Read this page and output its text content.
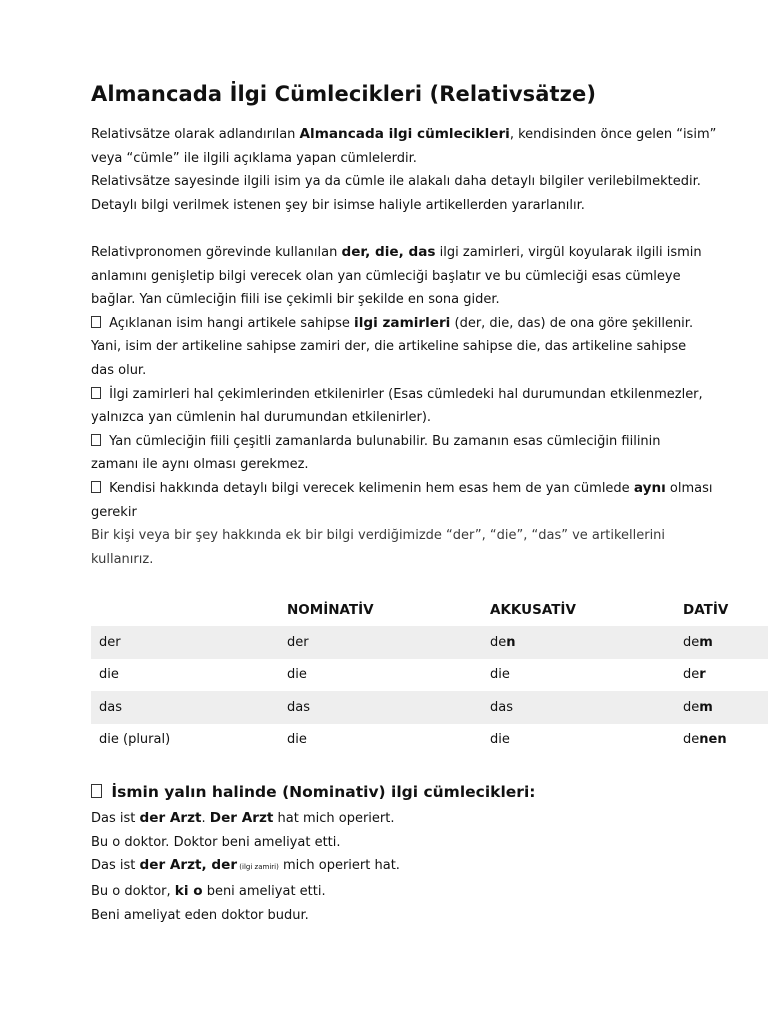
Almancada İlgi Cümlecikleri (Relativsätze)

Relativsätze olarak adlandırılan Almancada ilgi cümlecikleri, kendisinden önce gelen “isim”

veya “cümle” ile ilgili açıklama yapan cümlelerdir.

Relativsätze sayesinde ilgili isim ya da cümle ile alakalı daha detaylı bilgiler verilebilmektedir.

Detaylı bilgi verilmek istenen şey bir isimse haliyle artikellerden yararlanılır.

Relativpronomen görevinde kullanılan der, die, das ilgi zamirleri, virgül koyularak ilgili ismin

anlamını genişletip bilgi verecek olan yan cümleciği başlatır ve bu cümleciği esas cümleye

bağlar. Yan cümleciğin fiili ise çekimli bir şekilde en sona gider.

Açıklanan isim hangi artikele sahipse ilgi zamirleri (der, die, das) de ona göre şekillenir.

Yani, isim der artikeline sahipse zamiri der, die artikeline sahipse die, das artikeline sahipse

das olur.

İlgi zamirleri hal çekimlerinden etkilenirler (Esas cümledeki hal durumundan etkilenmezler,

yalnızca yan cümlenin hal durumundan etkilenirler).

Yan cümleciğin fiili çeşitli zamanlarda bulunabilir. Bu zamanın esas cümleciğin fiilinin

zamanı ile aynı olması gerekmez.

Kendisi hakkında detaylı bilgi verecek kelimenin hem esas hem de yan cümlede aynı olması

gerekir

Bir kişi veya bir şey hakkında ek bir bilgi verdiğimizde “der”, “die”, “das” ve artikellerini

kullanırız.

	NOMİNATİV	AKKUSATİV	DATİV
der	der	den	dem
die	die	die	der
das	das	das	dem
die (plural)	die	die	denen
İsmin yalın halinde (Nominativ) ilgi cümlecikleri:

Das ist der Arzt. Der Arzt hat mich operiert.

Bu o doktor. Doktor beni ameliyat etti.

Das ist der Arzt, der (ilgi zamiri) mich operiert hat.

Bu o doktor, ki o beni ameliyat etti.

Beni ameliyat eden doktor budur.
